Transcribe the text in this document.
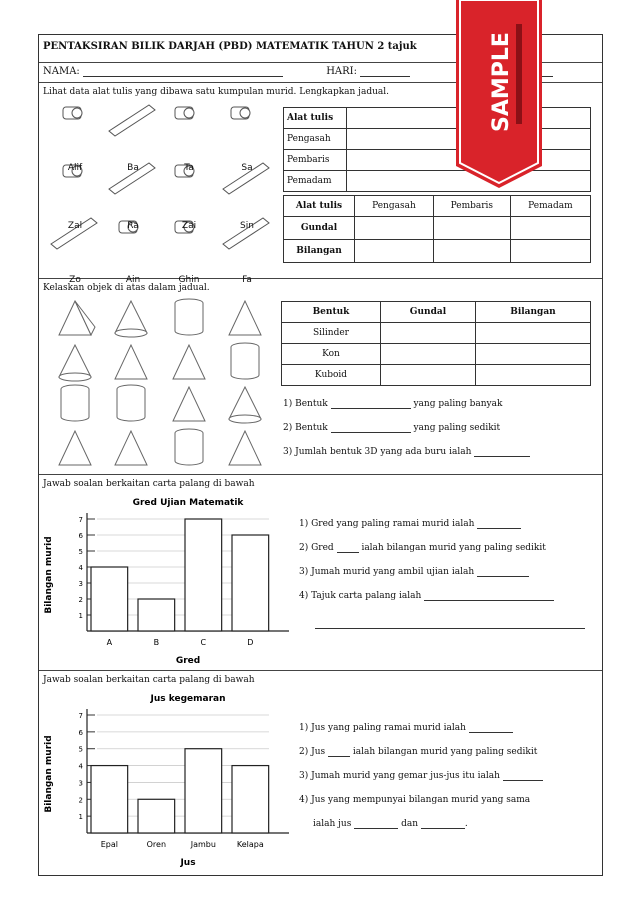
PENTAKSIRAN BILIK DARJAH (PBD) MATEMATIK TAHUN 2 tajuk
NAMA:	HARI:
Lihat data alat tulis yang dibawa satu kumpulan murid. Lengkapkan jadual.
Alif	Ba	Ta	Sa
Zal	Ra	Zai	Sin
Zo	Ain	Ghin	Fa
Alat tulis	
Pengasah	
Pembaris	
Pemadam	
Alat tulis	Pengasah	Pembaris	Pemadam
Gundal			
Bilangan			
Kelaskan objek di atas dalam jadual.
Bentuk	Gundal	Bilangan
Silinder		
Kon		
Kuboid		
1) Bentuk	yang paling banyak
2) Bentuk	yang paling sedikit
3) Jumlah bentuk 3D yang ada buru ialah
Jawab soalan berkaitan carta palang di bawah
Gred Ujian Matematik
1
2
3
4
5
6
7
A	B	C	D
Gred
Bilangan murid
1) Gred yang paling ramai murid ialah
2) Gred	ialah bilangan murid yang paling sedikit
3) Jumah murid yang ambil ujian ialah
4) Tajuk carta palang ialah
Jawab soalan berkaitan carta palang di bawah
Jus kegemaran
1
2
3
4
5
6
7
Epal	Oren	Jambu	Kelapa
Jus
Bilangan murid
1) Jus yang paling ramai murid ialah
2) Jus	ialah bilangan murid yang paling sedikit
3) Jumah murid yang gemar jus-jus itu ialah
4) Jus yang mempunyai bilangan murid yang sama
ialah jus	dan	.
SAMPLE
